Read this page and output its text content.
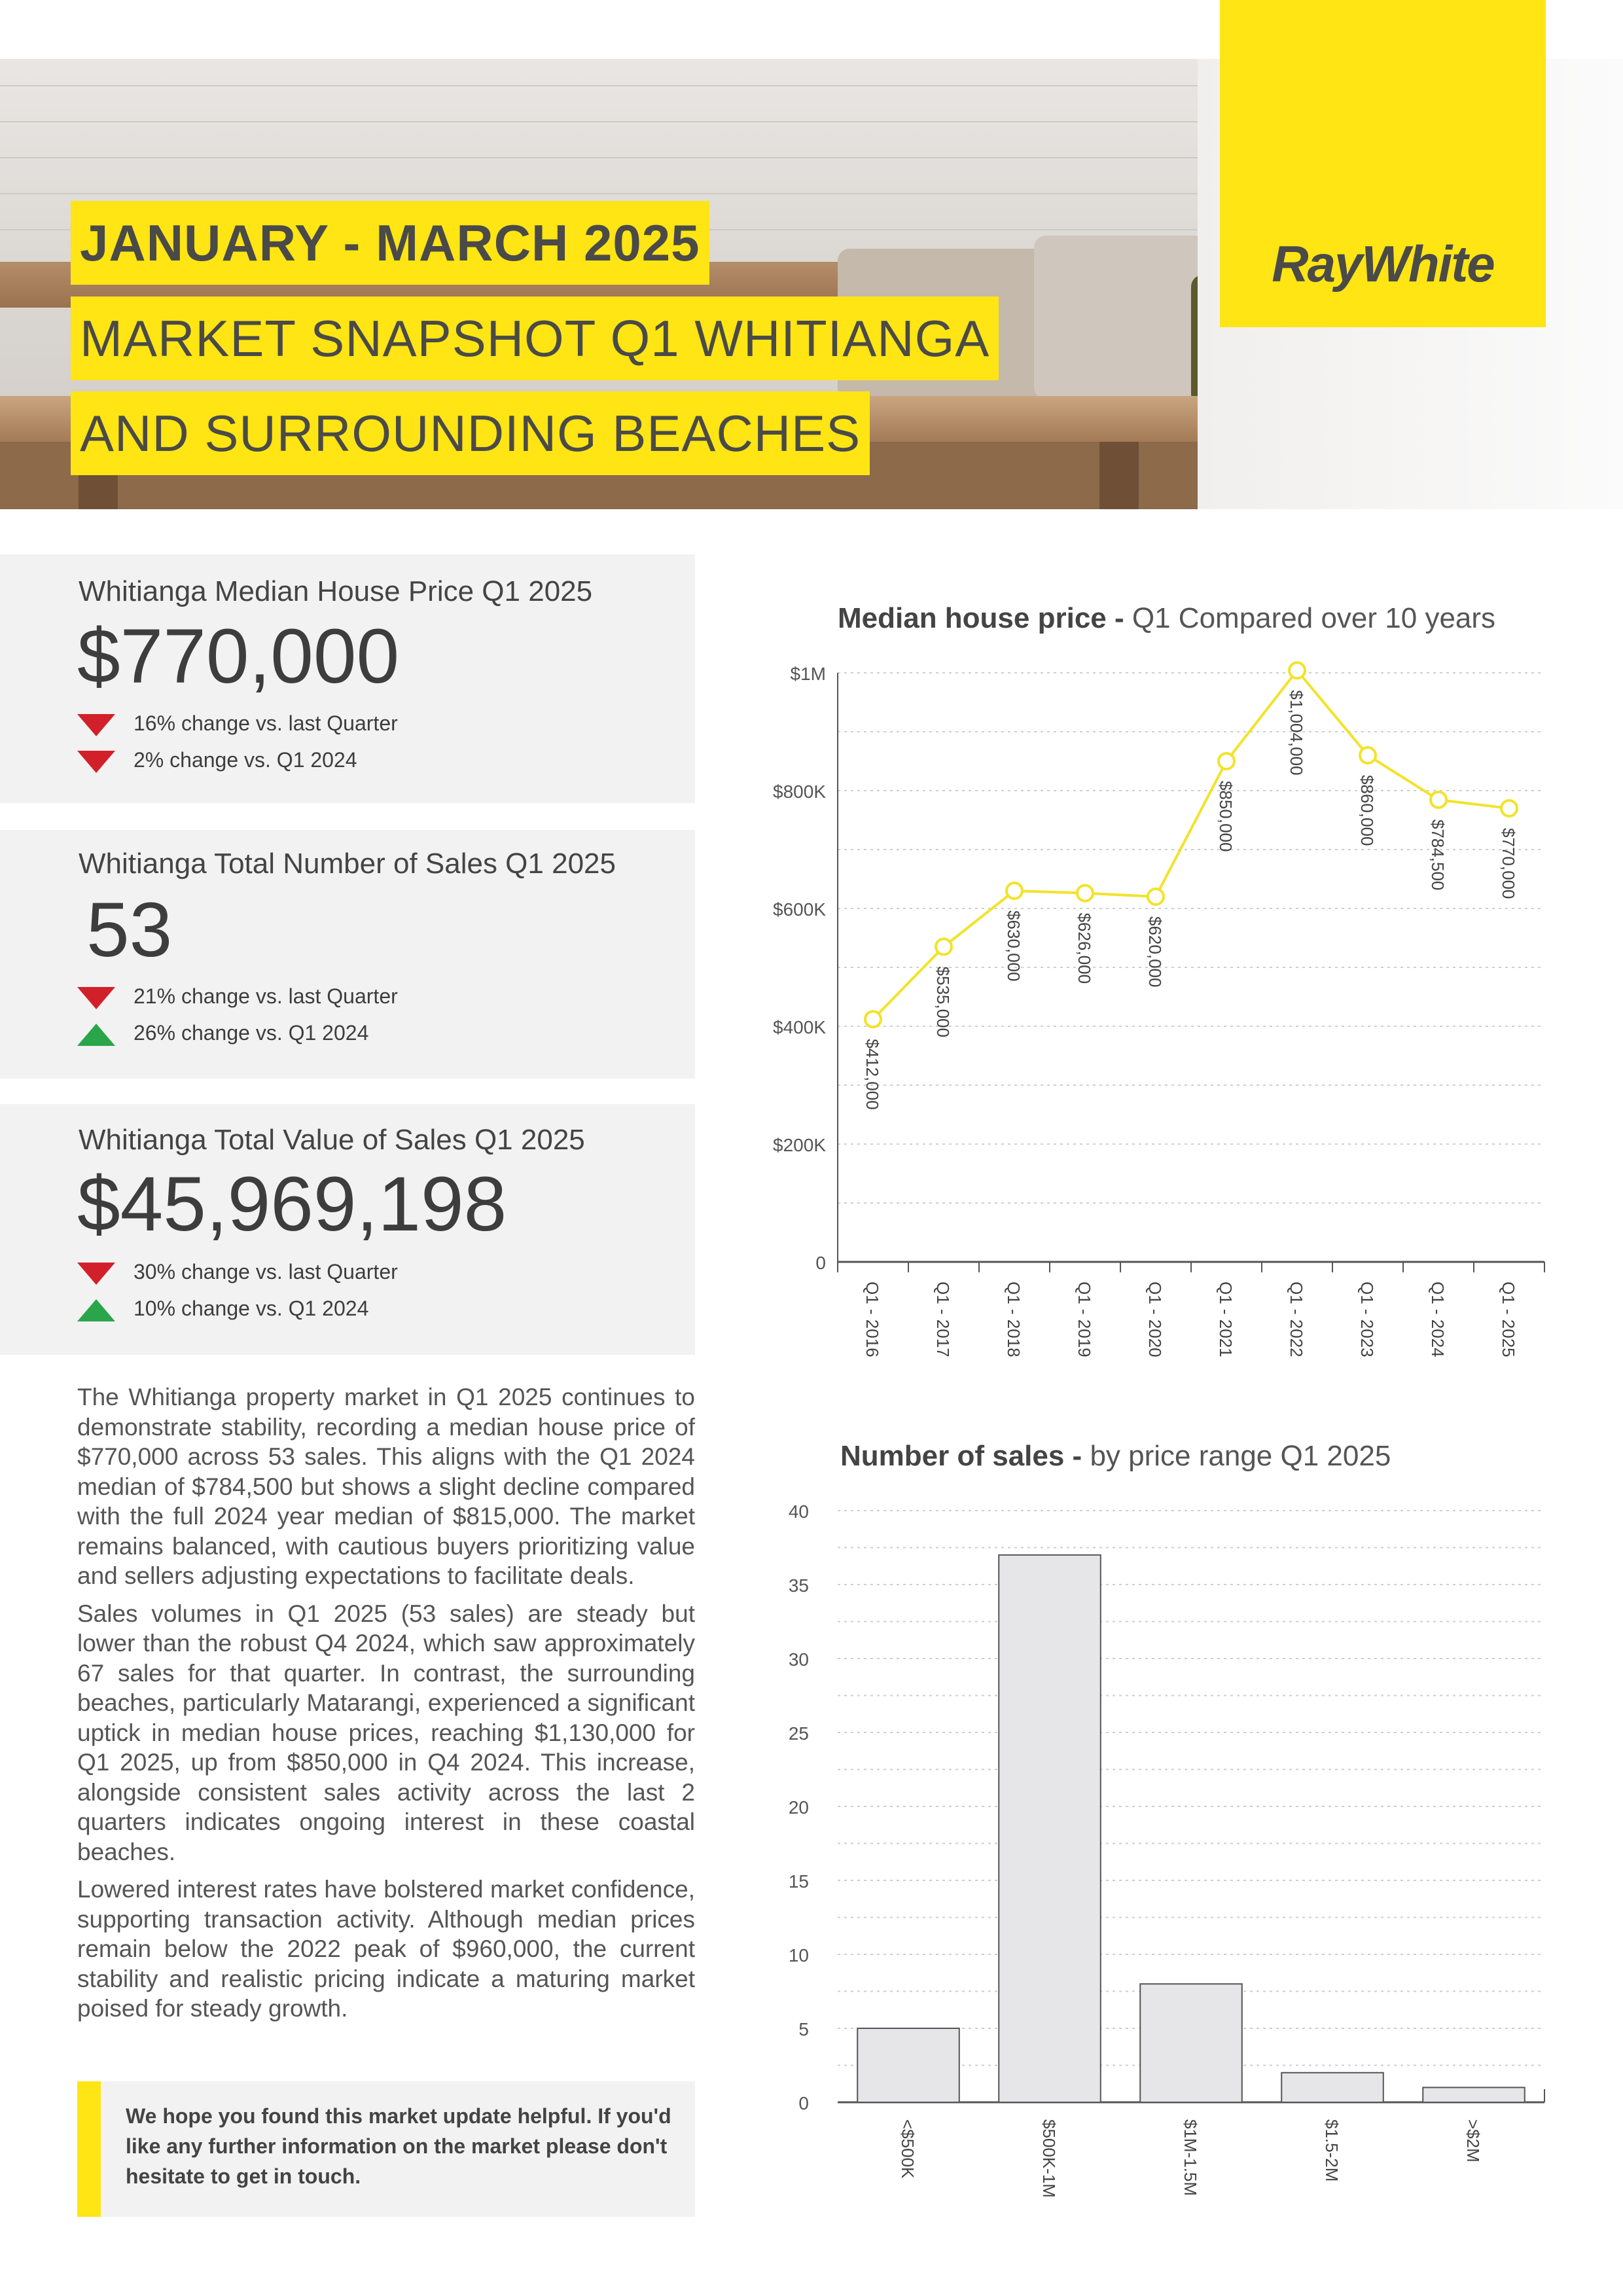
JANUARY - MARCH 2025
MARKET SNAPSHOT Q1 WHITIANGA
AND SURROUNDING BEACHES
RayWhite
Whitianga Median House Price Q1 2025
$770,000
16% change vs. last Quarter
2% change vs. Q1 2024
Whitianga Total Number of Sales Q1 2025
53
21% change vs. last Quarter
26% change vs. Q1 2024
Whitianga Total Value of Sales Q1 2025
$45,969,198
30% change vs. last Quarter
10% change vs. Q1 2024

The Whitianga property market in Q1 2025 continues to demonstrate stability, recording a median house price of $770,000 across 53 sales. This aligns with the Q1 2024 median of $784,500 but shows a slight decline compared with the full 2024 year median of $815,000. The market remains balanced, with cautious buyers prioritizing value and sellers adjusting expectations to facilitate deals.

Sales volumes in Q1 2025 (53 sales) are steady but lower than the robust Q4 2024, which saw approximately 67 sales for that quarter. In contrast, the surrounding beaches, particularly Matarangi, experienced a significant uptick in median house prices, reaching $1,130,000 for Q1 2025, up from $850,000 in Q4 2024. This increase, alongside consistent sales activity across the last 2 quarters indicates ongoing interest in these coastal beaches.

Lowered interest rates have bolstered market confidence, supporting transaction activity. Although median prices remain below the 2022 peak of $960,000, the current stability and realistic pricing indicate a maturing market poised for steady growth.

We hope you found this market update helpful. If you'd like any further information on the market please don't hesitate to get in touch.
Median house price - Q1 Compared over 10 years
0
$200K
$400K
$600K
$800K
$1M
$412,000
$535,000
$630,000	$626,000	$620,000
$850,000
$1,004,000
$860,000
$784,500	$770,000
Q1 - 2016	Q1 - 2017	Q1 - 2018	Q1 - 2019	Q1 - 2020	Q1 - 2021	Q1 - 2022	Q1 - 2023	Q1 - 2024	Q1 - 2025
Number of sales - by price range Q1 2025
0
5
10
15
20
25
30
35
40
<$500K	$500K-1M	$1M-1.5M	$1.5-2M	>$2M
